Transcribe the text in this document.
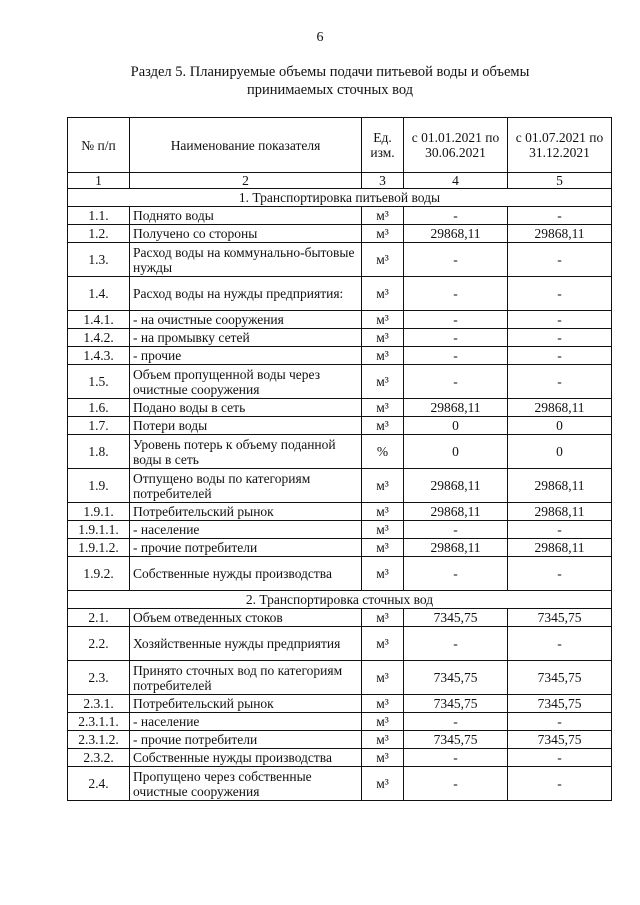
6
Раздел 5. Планируемые объемы подачи питьевой воды и объемы
принимаемых сточных вод
№ п/п	Наименование показателя	Ед. изм.	с 01.01.2021 по 30.06.2021	с 01.07.2021 по 31.12.2021
1	2	3	4	5
1. Транспортировка питьевой воды				
1.1.	Поднято воды	м³	-	-
1.2.	Получено со стороны	м³	29868,11	29868,11
1.3.	Расход воды на коммунально-бытовые нужды	м³	-	-
1.4.	Расход воды на нужды предприятия:	м³	-	-
1.4.1.	- на очистные сооружения	м³	-	-
1.4.2.	- на промывку сетей	м³	-	-
1.4.3.	- прочие	м³	-	-
1.5.	Объем пропущенной воды через очистные сооружения	м³	-	-
1.6.	Подано воды в сеть	м³	29868,11	29868,11
1.7.	Потери воды	м³	0	0
1.8.	Уровень потерь к объему поданной воды в сеть	%	0	0
1.9.	Отпущено воды по категориям потребителей	м³	29868,11	29868,11
1.9.1.	Потребительский рынок	м³	29868,11	29868,11
1.9.1.1.	- население	м³	-	-
1.9.1.2.	- прочие потребители	м³	29868,11	29868,11
1.9.2.	Собственные нужды производства	м³	-	-
2. Транспортировка сточных вод				
2.1.	Объем отведенных стоков	м³	7345,75	7345,75
2.2.	Хозяйственные нужды предприятия	м³	-	-
2.3.	Принято сточных вод по категориям потребителей	м³	7345,75	7345,75
2.3.1.	Потребительский рынок	м³	7345,75	7345,75
2.3.1.1.	- население	м³	-	-
2.3.1.2.	- прочие потребители	м³	7345,75	7345,75
2.3.2.	Собственные нужды производства	м³	-	-
2.4.	Пропущено через собственные очистные сооружения	м³	-	-
